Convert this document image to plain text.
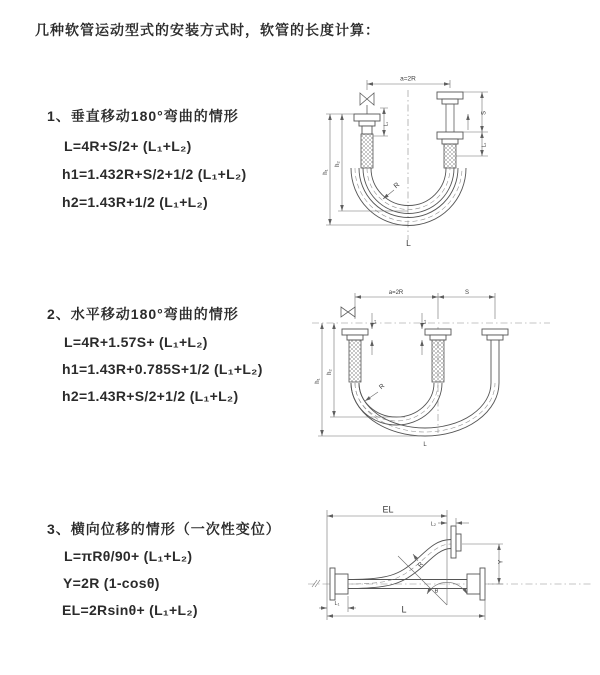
几种软管运动型式的安装方式时，软管的长度计算：
1、垂直移动180°弯曲的情形
L=4R+S/2+ (L₁+L₂)
h1=1.432R+S/2+1/2 (L₁+L₂)
h2=1.43R+1/2 (L₁+L₂)
2、水平移动180°弯曲的情形
L=4R+1.57S+ (L₁+L₂)
h1=1.43R+0.785S+1/2 (L₁+L₂)
h2=1.43R+S/2+1/2 (L₁+L₂)
3、横向位移的情形（一次性变位）
L=πRθ/90+ (L₁+L₂)
Y=2R (1-cosθ)
EL=2Rsinθ+ (L₁+L₂)
a=2R
h₁
h₂
L₁
S
L₂
R
L
a=2R	S
L₁	L₂
h₁
h₂
R
L
EL
L₂
Y
θ
R
L₁
L
